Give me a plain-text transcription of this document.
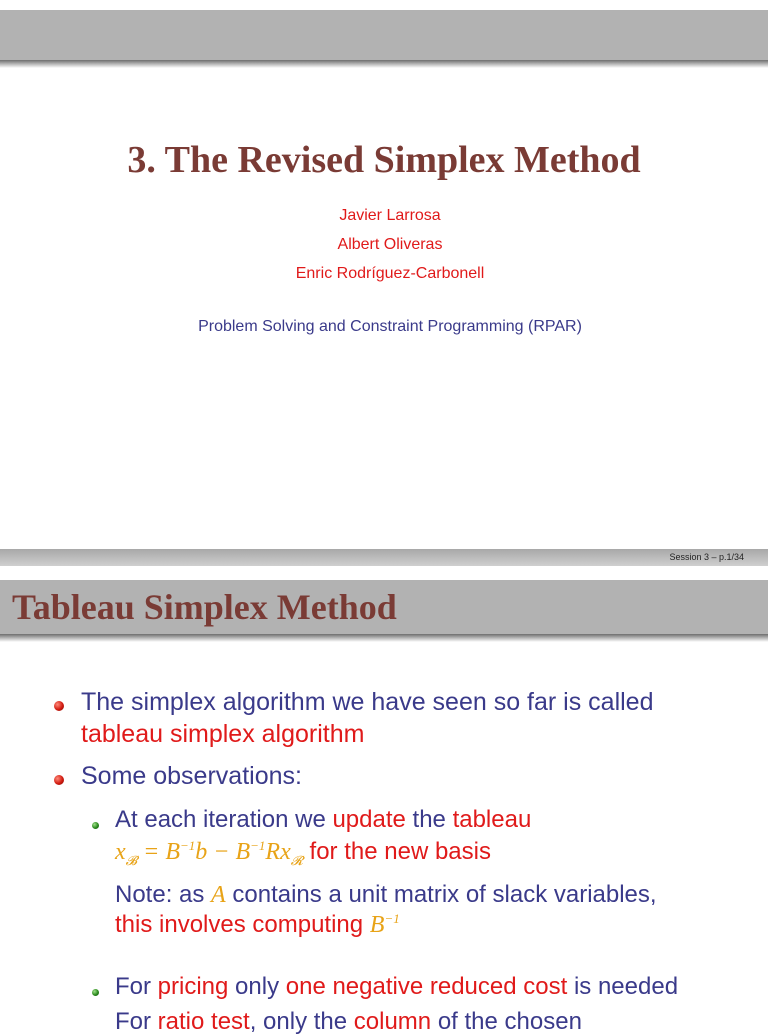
3. The Revised Simplex Method
Javier Larrosa
Albert Oliveras
Enric Rodríguez-Carbonell
Problem Solving and Constraint Programming (RPAR)
Session 3 – p.1/34
Tableau Simplex Method
The simplex algorithm we have seen so far is called
tableau simplex algorithm
Some observations:
At each iteration we update the tableau
$x_𝓑 = B^{-1}b - B^{-1}Rx_𝓡$ for the new basis
Note: as A contains a unit matrix of slack variables,
this involves computing $B^{-1}$
For pricing only one negative reduced cost is needed
For ratio test, only the column of the chosen
